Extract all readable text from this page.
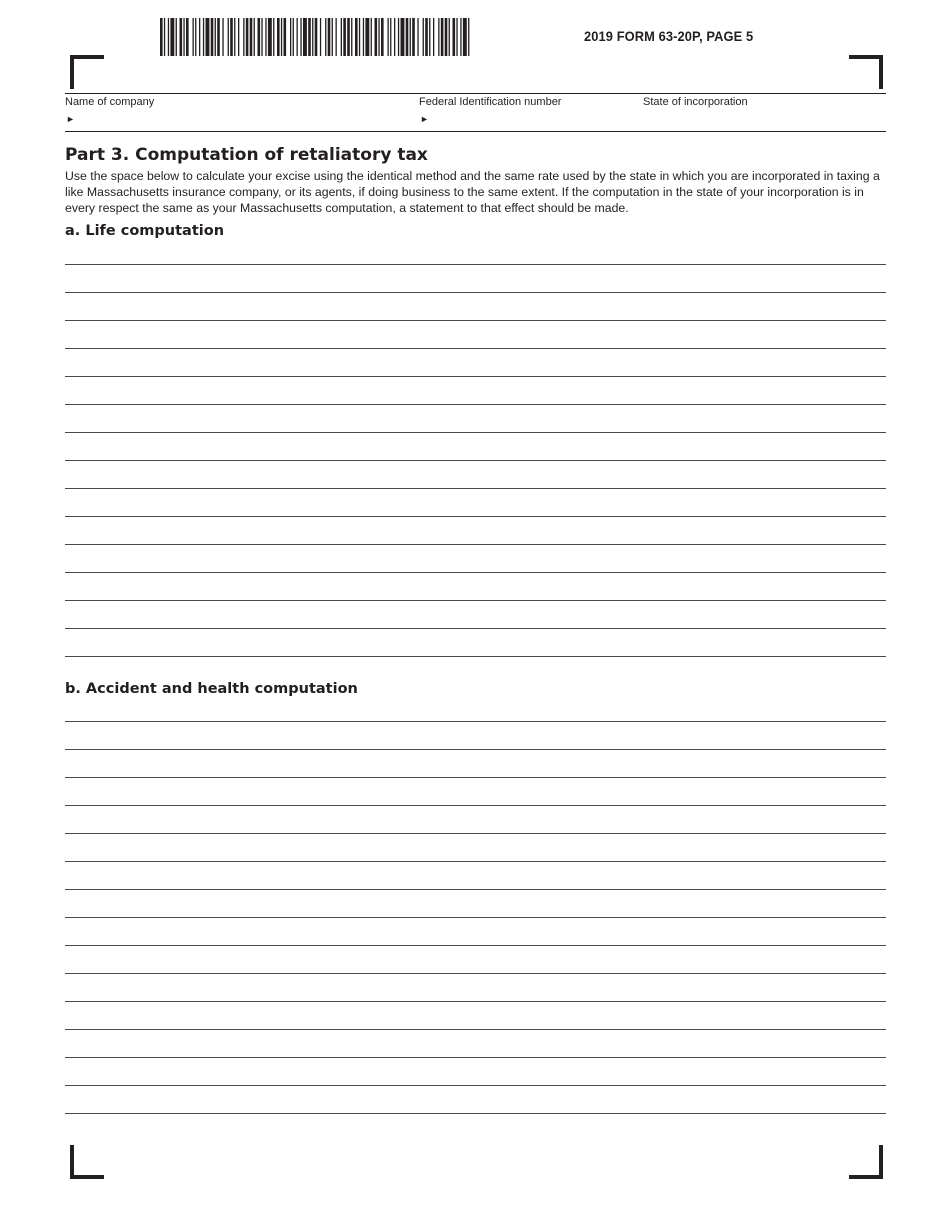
2019 FORM 63-20P, PAGE 5
Name of company	Federal Identification number	State of incorporation
►	►
Part 3. Computation of retaliatory tax

Use the space below to calculate your excise using the identical method and the same rate used by the state in which you are incorporated in taxing a like Massachusetts insurance company, or its agents, if doing business to the same extent. If the computation in the state of your incorporation is in every respect the same as your Massachusetts computation, a statement to that effect should be made.

a. Life computation
b. Accident and health computation
